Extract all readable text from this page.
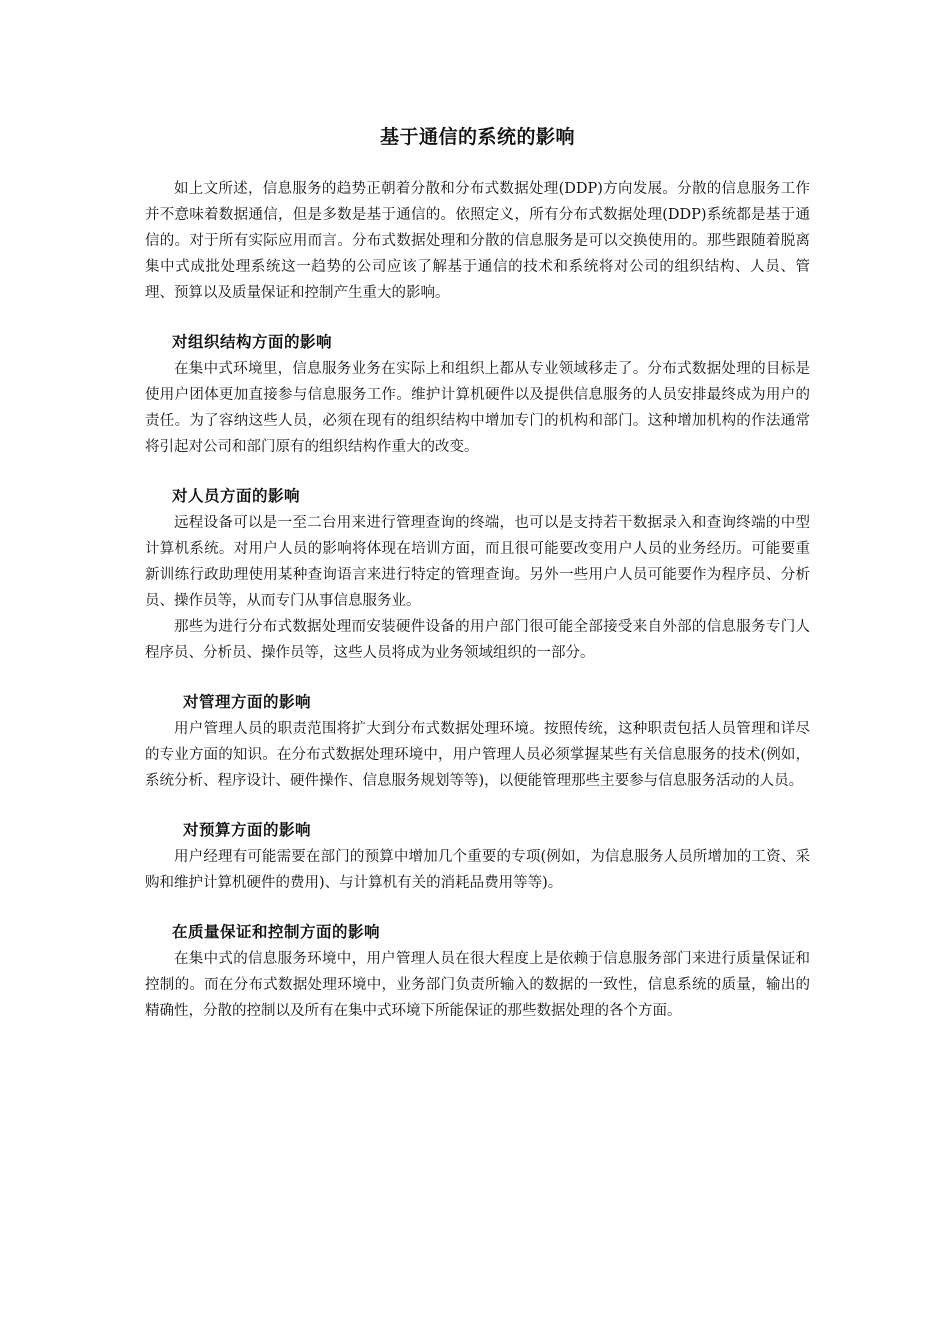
基于通信的系统的影响

如上文所述，信息服务的趋势正朝着分散和分布式数据处理(DDP)方向发展。分散的信息服务工作并不意味着数据通信，但是多数是基于通信的。依照定义，所有分布式数据处理(DDP)系统都是基于通信的。对于所有实际应用而言。分布式数据处理和分散的信息服务是可以交换使用的。那些跟随着脱离集中式成批处理系统这一趋势的公司应该了解基于通信的技术和系统将对公司的组织结构、人员、管理、预算以及质量保证和控制产生重大的影响。

对组织结构方面的影响

在集中式环境里，信息服务业务在实际上和组织上都从专业领域移走了。分布式数据处理的目标是使用户团体更加直接参与信息服务工作。维护计算机硬件以及提供信息服务的人员安排最终成为用户的责任。为了容纳这些人员，必须在现有的组织结构中增加专门的机构和部门。这种增加机构的作法通常将引起对公司和部门原有的组织结构作重大的改变。

对人员方面的影响

远程设备可以是一至二台用来进行管理查询的终端，也可以是支持若干数据录入和查询终端的中型计算机系统。对用户人员的影响将体现在培训方面，而且很可能要改变用户人员的业务经历。可能要重新训练行政助理使用某种查询语言来进行特定的管理查询。另外一些用户人员可能要作为程序员、分析员、操作员等，从而专门从事信息服务业。

那些为进行分布式数据处理而安装硬件设备的用户部门很可能全部接受来自外部的信息服务专门人程序员、分析员、操作员等，这些人员将成为业务领域组织的一部分。

对管理方面的影响

用户管理人员的职责范围将扩大到分布式数据处理环境。按照传统，这种职责包括人员管理和详尽的专业方面的知识。在分布式数据处理环境中，用户管理人员必须掌握某些有关信息服务的技术(例如，系统分析、程序设计、硬件操作、信息服务规划等等)，以便能管理那些主要参与信息服务活动的人员。

对预算方面的影响

用户经理有可能需要在部门的预算中增加几个重要的专项(例如，为信息服务人员所增加的工资、采购和维护计算机硬件的费用)、与计算机有关的消耗品费用等等)。

在质量保证和控制方面的影响

在集中式的信息服务环境中，用户管理人员在很大程度上是依赖于信息服务部门来进行质量保证和控制的。而在分布式数据处理环境中，业务部门负责所输入的数据的一致性，信息系统的质量，输出的精确性，分散的控制以及所有在集中式环境下所能保证的那些数据处理的各个方面。
